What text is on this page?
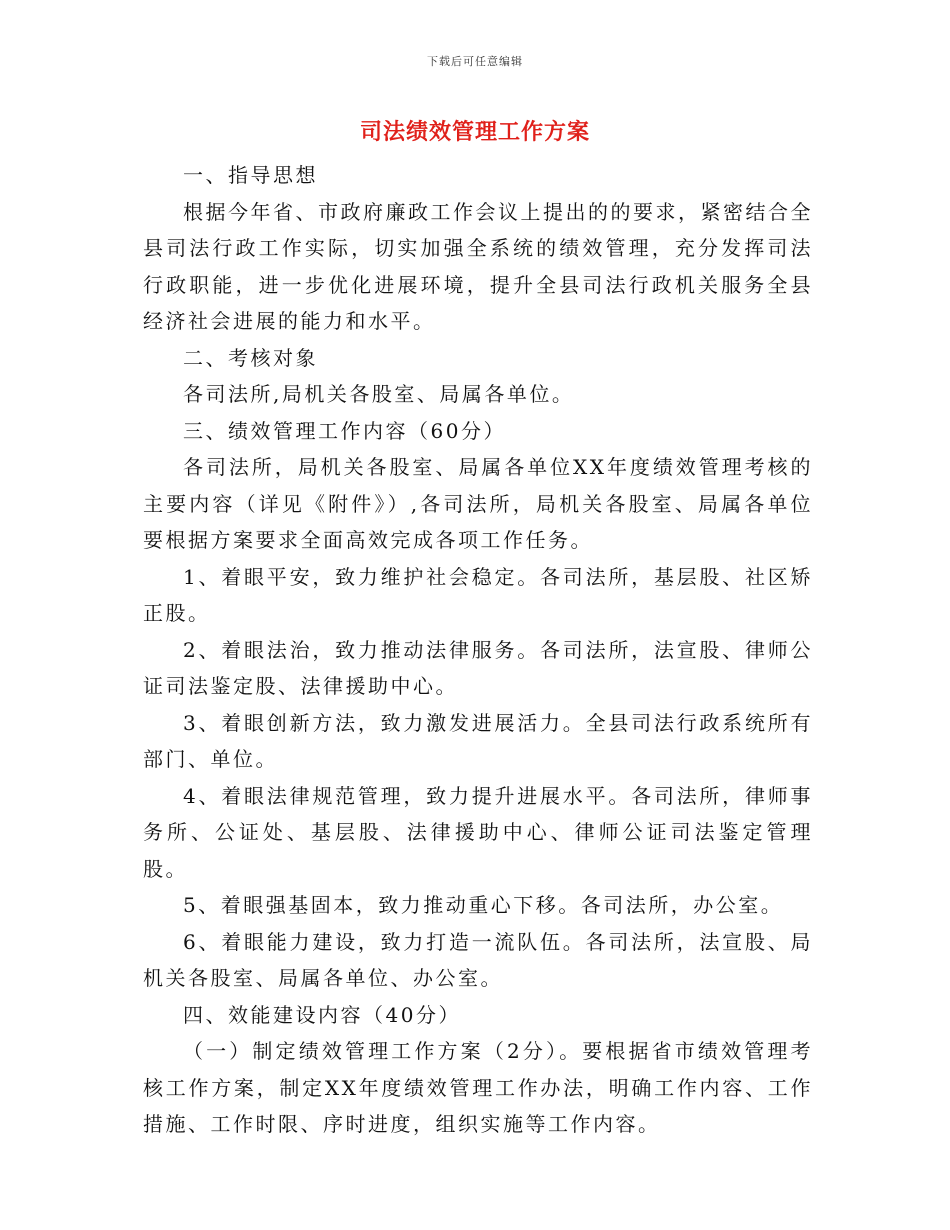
下载后可任意编辑
司法绩效管理工作方案

一、指导思想

根据今年省、市政府廉政工作会议上提出的的要求，紧密结合全县司法行政工作实际，切实加强全系统的绩效管理，充分发挥司法行政职能，进一步优化进展环境，提升全县司法行政机关服务全县经济社会进展的能力和水平。

二、考核对象

各司法所,局机关各股室、局属各单位。

三、绩效管理工作内容（60分）

各司法所，局机关各股室、局属各单位XX年度绩效管理考核的主要内容（详见《附件》）,各司法所，局机关各股室、局属各单位要根据方案要求全面高效完成各项工作任务。

1、着眼平安，致力维护社会稳定。各司法所，基层股、社区矫正股。

2、着眼法治，致力推动法律服务。各司法所，法宣股、律师公证司法鉴定股、法律援助中心。

3、着眼创新方法，致力激发进展活力。全县司法行政系统所有部门、单位。

4、着眼法律规范管理，致力提升进展水平。各司法所，律师事务所、公证处、基层股、法律援助中心、律师公证司法鉴定管理股。

5、着眼强基固本，致力推动重心下移。各司法所，办公室。

6、着眼能力建设，致力打造一流队伍。各司法所，法宣股、局机关各股室、局属各单位、办公室。

四、效能建设内容（40分）

（一）制定绩效管理工作方案（2分）。要根据省市绩效管理考核工作方案，制定XX年度绩效管理工作办法，明确工作内容、工作措施、工作时限、序时进度，组织实施等工作内容。
